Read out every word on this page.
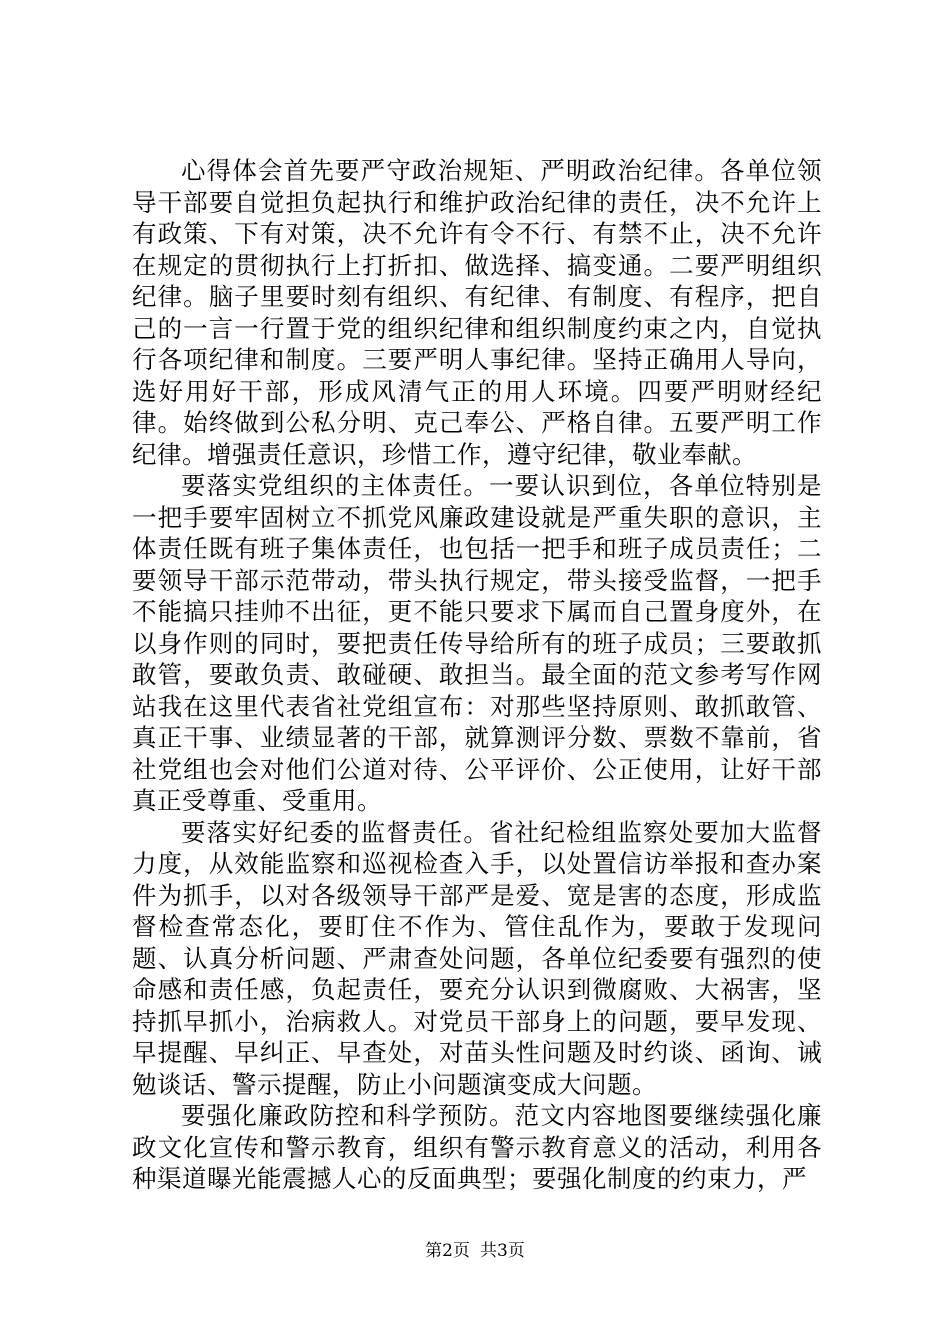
心得体会首先要严守政治规矩、严明政治纪律。各单位领导干部要自觉担负起执行和维护政治纪律的责任，决不允许上有政策、下有对策，决不允许有令不行、有禁不止，决不允许在规定的贯彻执行上打折扣、做选择、搞变通。二要严明组织纪律。脑子里要时刻有组织、有纪律、有制度、有程序，把自己的一言一行置于党的组织纪律和组织制度约束之内，自觉执行各项纪律和制度。三要严明人事纪律。坚持正确用人导向，选好用好干部，形成风清气正的用人环境。四要严明财经纪律。始终做到公私分明、克己奉公、严格自律。五要严明工作纪律。增强责任意识，珍惜工作，遵守纪律，敬业奉献。

要落实党组织的主体责任。一要认识到位，各单位特别是一把手要牢固树立不抓党风廉政建设就是严重失职的意识，主体责任既有班子集体责任，也包括一把手和班子成员责任；二要领导干部示范带动，带头执行规定，带头接受监督，一把手不能搞只挂帅不出征，更不能只要求下属而自己置身度外，在以身作则的同时，要把责任传导给所有的班子成员；三要敢抓敢管，要敢负责、敢碰硬、敢担当。最全面的范文参考写作网站我在这里代表省社党组宣布：对那些坚持原则、敢抓敢管、真正干事、业绩显著的干部，就算测评分数、票数不靠前，省社党组也会对他们公道对待、公平评价、公正使用，让好干部真正受尊重、受重用。

要落实好纪委的监督责任。省社纪检组监察处要加大监督力度，从效能监察和巡视检查入手，以处置信访举报和查办案件为抓手，以对各级领导干部严是爱、宽是害的态度，形成监督检查常态化，要盯住不作为、管住乱作为，要敢于发现问题、认真分析问题、严肃查处问题，各单位纪委要有强烈的使命感和责任感，负起责任，要充分认识到微腐败、大祸害，坚持抓早抓小，治病救人。对党员干部身上的问题，要早发现、早提醒、早纠正、早查处，对苗头性问题及时约谈、函询、诫勉谈话、警示提醒，防止小问题演变成大问题。

要强化廉政防控和科学预防。范文内容地图要继续强化廉政文化宣传和警示教育，组织有警示教育意义的活动，利用各种渠道曝光能震撼人心的反面典型；要强化制度的约束力，严

第2页 共3页
